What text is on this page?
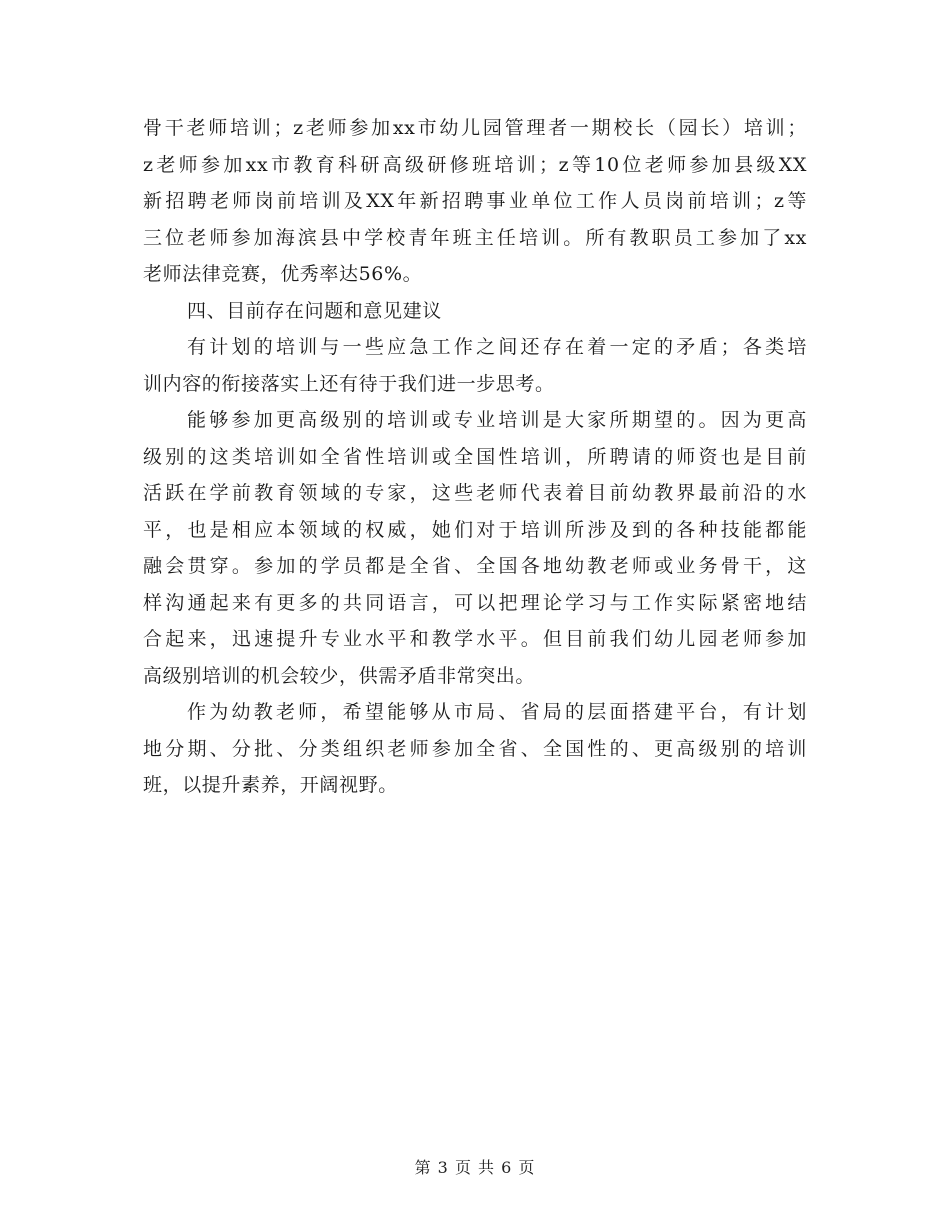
骨干老师培训；z老师参加xx市幼儿园管理者一期校长（园长）培训；
z老师参加xx市教育科研高级研修班培训；z等10位老师参加县级XX
新招聘老师岗前培训及XX年新招聘事业单位工作人员岗前培训；z等
三位老师参加海滨县中学校青年班主任培训。所有教职员工参加了xx
老师法律竞赛，优秀率达56%。
四、目前存在问题和意见建议
有计划的培训与一些应急工作之间还存在着一定的矛盾；各类培
训内容的衔接落实上还有待于我们进一步思考。
能够参加更高级别的培训或专业培训是大家所期望的。因为更高
级别的这类培训如全省性培训或全国性培训，所聘请的师资也是目前
活跃在学前教育领域的专家，这些老师代表着目前幼教界最前沿的水
平，也是相应本领域的权威，她们对于培训所涉及到的各种技能都能
融会贯穿。参加的学员都是全省、全国各地幼教老师或业务骨干，这
样沟通起来有更多的共同语言，可以把理论学习与工作实际紧密地结
合起来，迅速提升专业水平和教学水平。但目前我们幼儿园老师参加
高级别培训的机会较少，供需矛盾非常突出。
作为幼教老师，希望能够从市局、省局的层面搭建平台，有计划
地分期、分批、分类组织老师参加全省、全国性的、更高级别的培训
班，以提升素养，开阔视野。
第 3 页 共 6 页
